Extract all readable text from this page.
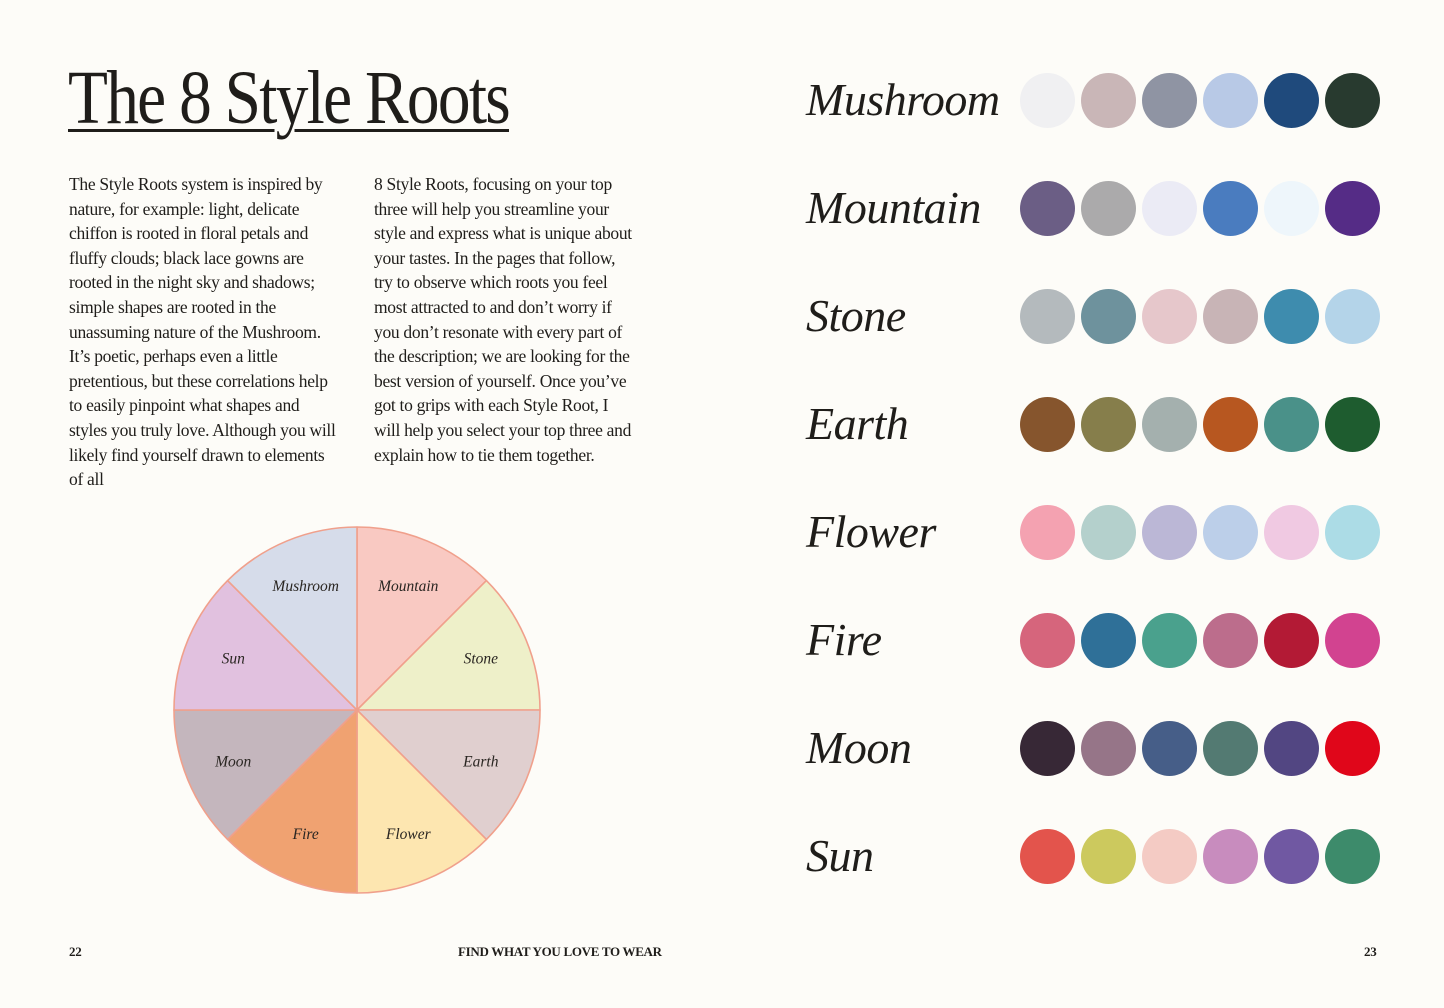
The 8 Style Roots

The Style Roots system is inspired by nature, for example: light, delicate chiffon is rooted in floral petals and fluffy clouds; black lace gowns are rooted in the night sky and shadows; simple shapes are rooted in the unassuming nature of the Mushroom. It’s poetic, perhaps even a little pretentious, but these correlations help to easily pinpoint what shapes and styles you truly love. Although you will likely find yourself drawn to elements of all

8 Style Roots, focusing on your top three will help you streamline your style and express what is unique about your tastes. In the pages that follow, try to observe which roots you feel most attracted to and don’t worry if you don’t resonate with every part of the description; we are looking for the best version of yourself. Once you’ve got to grips with each Style Root, I will help you select your top three and explain how to tie them together.

Mountain
Stone
Earth
Flower
Fire
Moon
Sun
Mushroom
Mushroom
Mountain
Stone
Earth
Flower
Fire
Moon
Sun
22	FIND WHAT YOU LOVE TO WEAR	23
